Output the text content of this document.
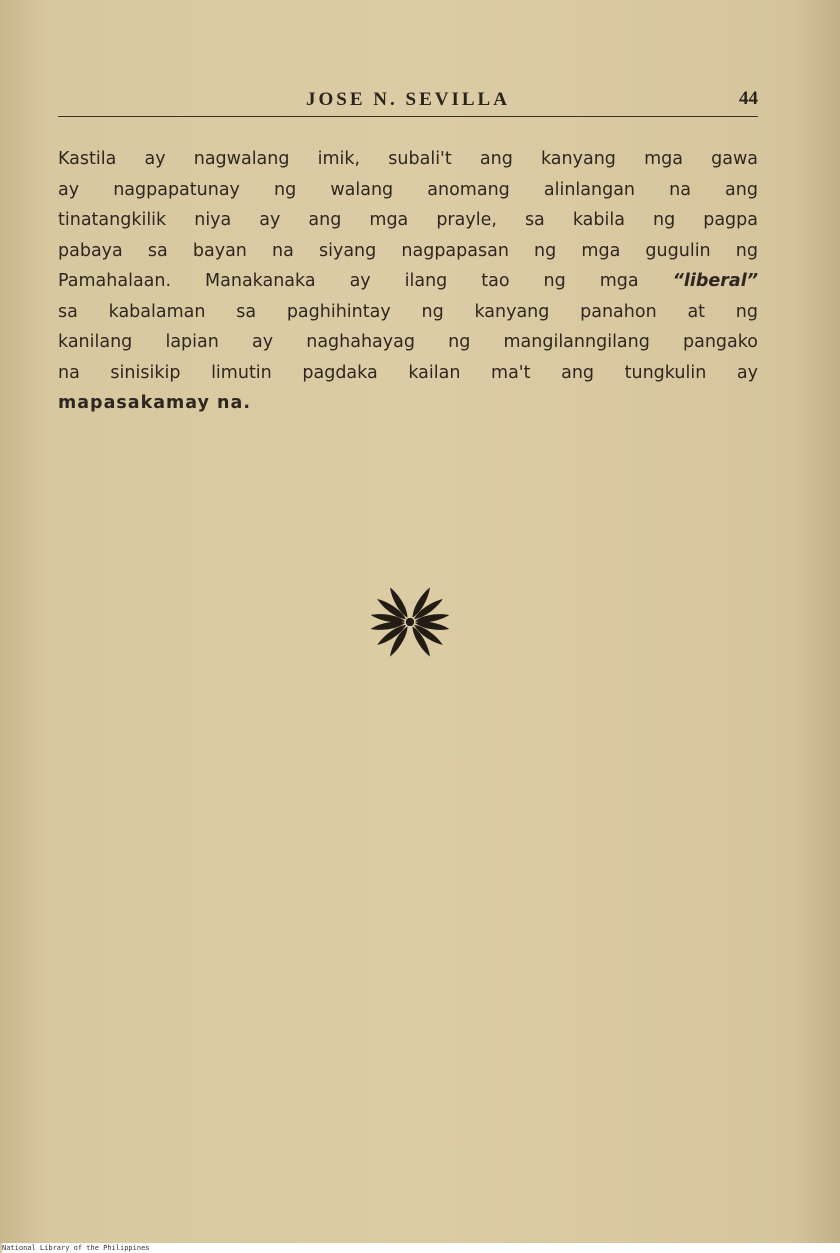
JOSE N. SEVILLA	44
Kastila ay nagwalang imik, subali't ang kanyang mga gawa
ay nagpapatunay ng walang anomang alinlangan na ang
tinatangkilik niya ay ang mga prayle, sa kabila ng pagpa
pabaya sa bayan na siyang nagpapasan ng mga gugulin ng
Pamahalaan. Manakanaka ay ilang tao ng mga “liberal”
sa kabalaman sa paghihintay ng kanyang panahon at ng
kanilang lapian ay naghahayag ng mangilanngilang pangako
na sinisikip limutin pagdaka kailan ma't ang tungkulin ay
mapasakamay na.
National Library of the Philippines
